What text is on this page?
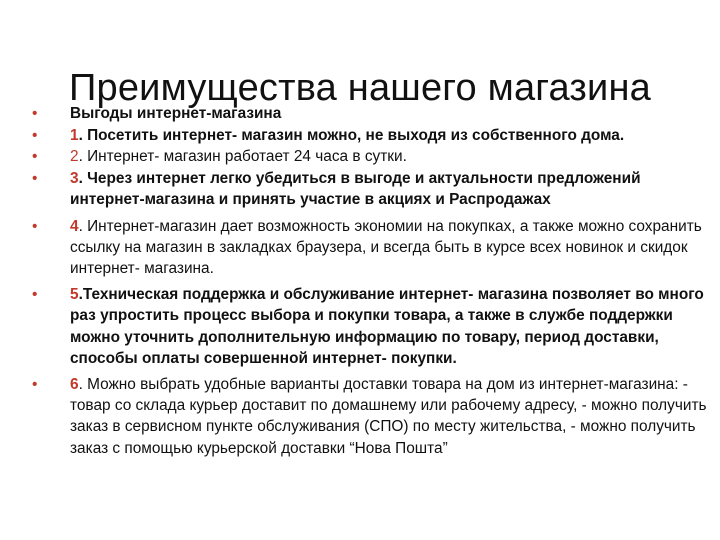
Преимущества нашего магазина
•	Выгоды интернет-магазина
•	1. Посетить интернет- магазин можно, не выходя из собственного дома.
•	2. Интернет- магазин работает 24 часа в сутки.
•	3. Через интернет легко убедиться в выгоде и актуальности предложений интернет-магазина и принять участие в акциях и Распродажах
•	4. Интернет-магазин дает возможность экономии на покупках, а также можно сохранить ссылку на магазин в закладках браузера, и всегда быть в курсе всех новинок и скидок интернет- магазина.
•	5.Техническая поддержка и обслуживание интернет- магазина позволяет во много раз упростить процесс выбора и покупки товара, а также в службе поддержки можно уточнить дополнительную информацию по товару, период доставки, способы оплаты совершенной интернет- покупки.
•	6. Можно выбрать удобные варианты доставки товара на дом из интернет-магазина: - товар со склада курьер доставит по домашнему или рабочему адресу, - можно получить заказ в сервисном пункте обслуживания (СПО) по месту жительства, - можно получить заказ с помощью курьерской доставки “Нова Пошта”
